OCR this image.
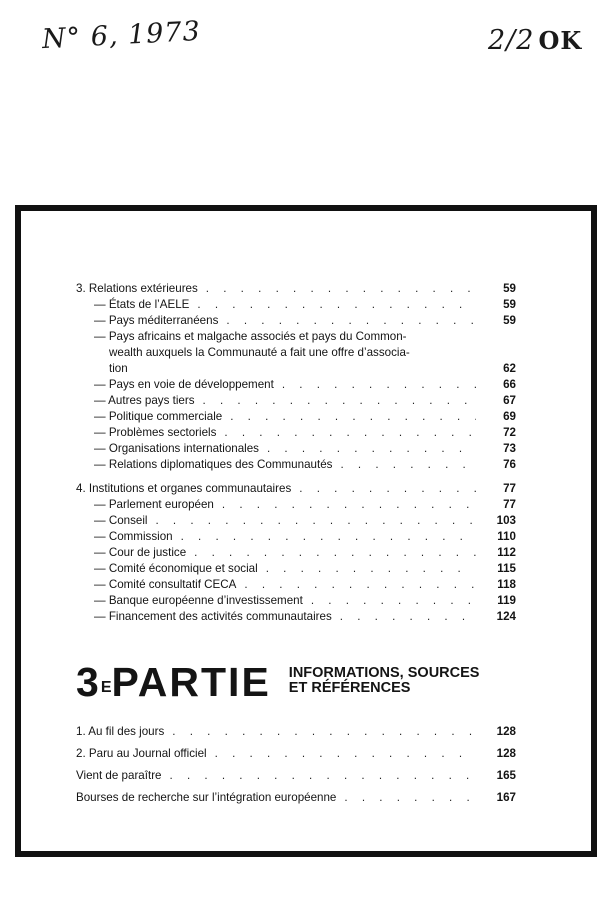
N° 6, 1973	2/2 OK
3. Relations extérieures . . .	59
— États de l’AELE . . .	59
— Pays méditerranéens . . .	59
— Pays africains et malgache associés et pays du Common-
wealth auxquels la Communauté a fait une offre d’associa-
tion	62
— Pays en voie de développement . . .	66
— Autres pays tiers . . .	67
— Politique commerciale . . .	69
— Problèmes sectoriels . . .	72
— Organisations internationales . . .	73
— Relations diplomatiques des Communautés . . .	76
4. Institutions et organes communautaires . . .	77
— Parlement européen . . .	77
— Conseil . . .	103
— Commission . . .	110
— Cour de justice . . .	112
— Comité économique et social . . .	115
— Comité consultatif CECA . . .	118
— Banque européenne d’investissement . . .	119
— Financement des activités communautaires . . .	124
$3^EPARTIE$ INFORMATIONS, SOURCES
ET RÉFÉRENCES
1. Au fil des jours . . .	128
2. Paru au Journal officiel . . .	128
Vient de paraître . . .	165
Bourses de recherche sur l’intégration européenne . . .	167
